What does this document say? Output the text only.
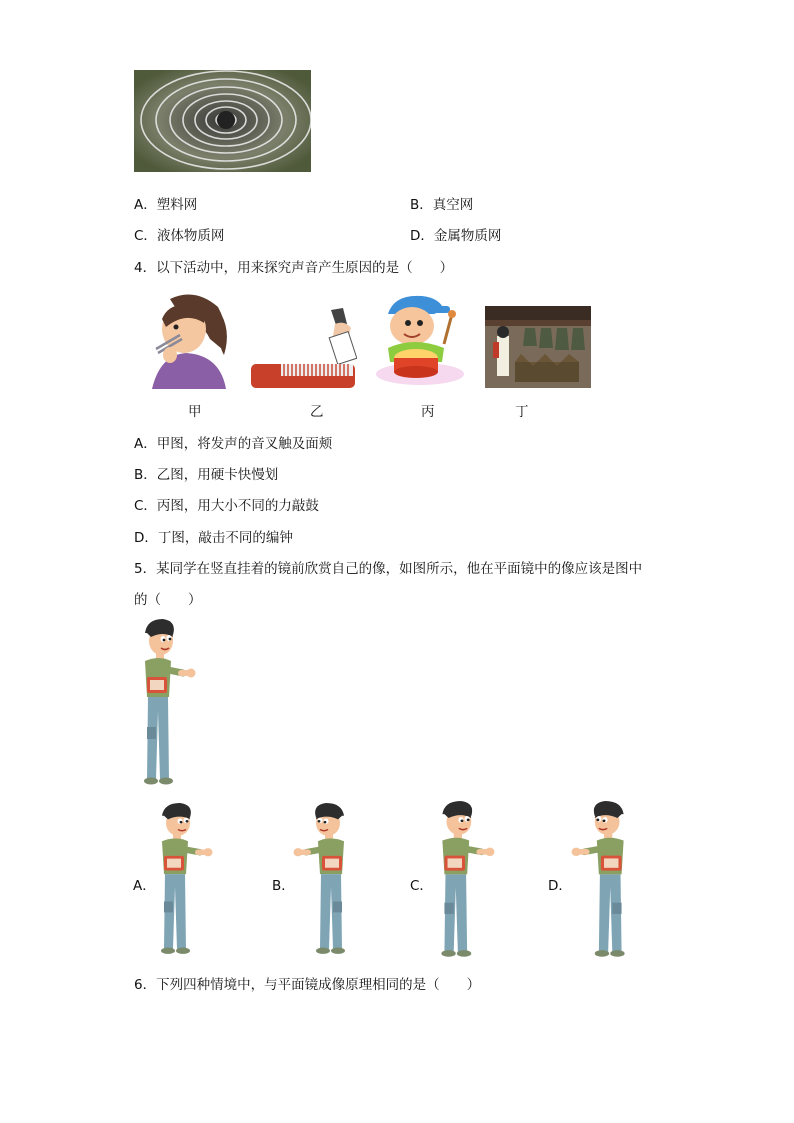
A．塑料网	B．真空网
C．液体物质网	D．金属物质网
4．以下活动中，用来探究声音产生原因的是（　　）
甲	乙	丙	丁
A．甲图，将发声的音叉触及面颊
B．乙图，用硬卡快慢划
C．丙图，用大小不同的力敲鼓
D．丁图，敲击不同的编钟
5．某同学在竖直挂着的镜前欣赏自己的像，如图所示，他在平面镜中的像应该是图中
的（　　）
A．	B．	C．	D．
6．下列四种情境中，与平面镜成像原理相同的是（　　）
